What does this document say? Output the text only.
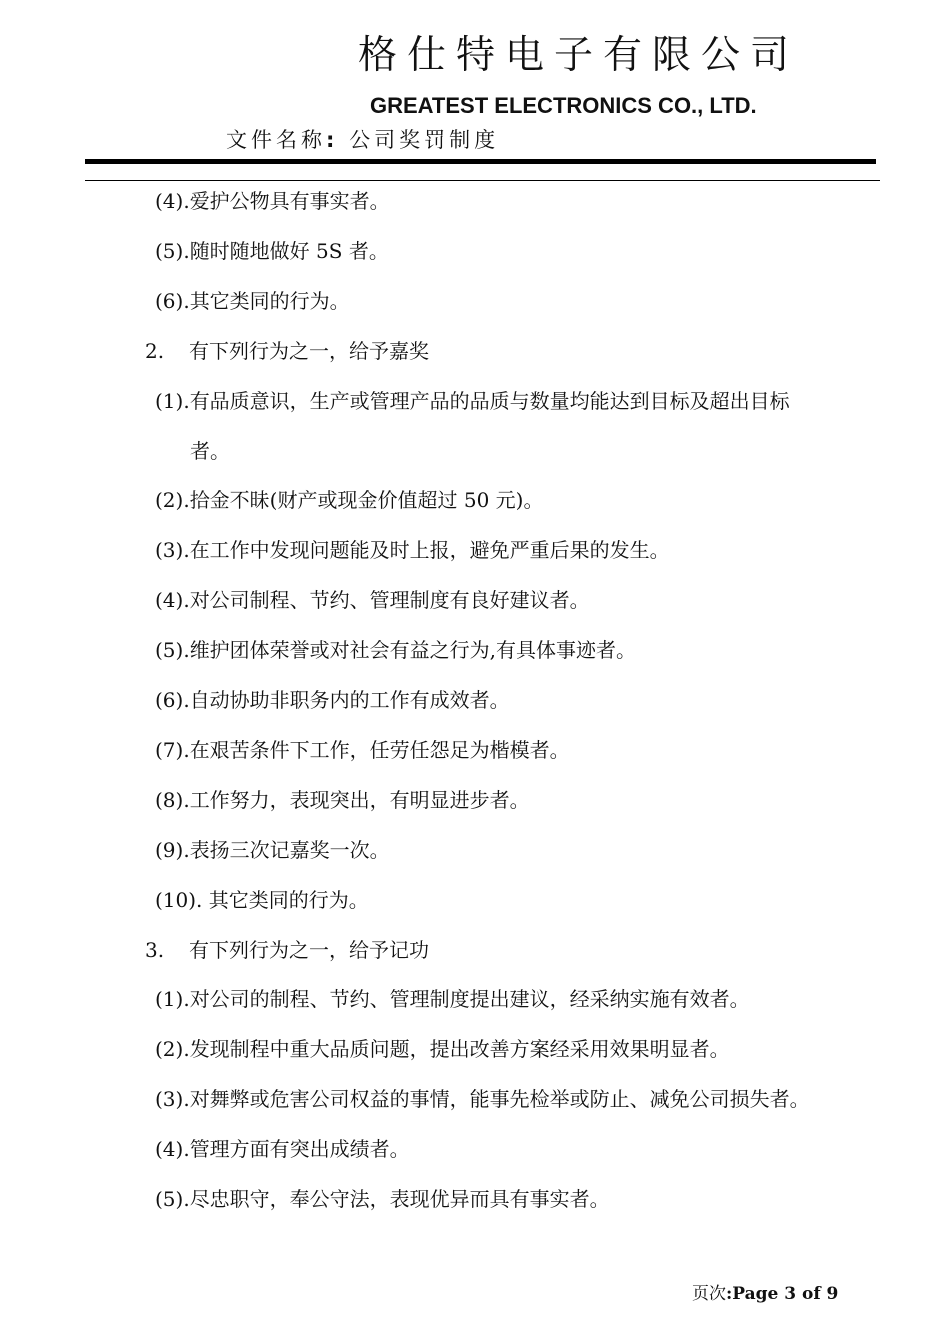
格仕特电子有限公司
GREATEST ELECTRONICS CO., LTD.
文件名称: 公司奖罚制度
(4).爱护公物具有事实者。
(5).随时随地做好 5S 者。
(6).其它类同的行为。
2. 有下列行为之一，给予嘉奖
(1).有品质意识，生产或管理产品的品质与数量均能达到目标及超出目标
者。
(2).拾金不昧(财产或现金价值超过 50 元)。
(3).在工作中发现问题能及时上报，避免严重后果的发生。
(4).对公司制程、节约、管理制度有良好建议者。
(5).维护团体荣誉或对社会有益之行为,有具体事迹者。
(6).自动协助非职务内的工作有成效者。
(7).在艰苦条件下工作，任劳任怨足为楷模者。
(8).工作努力，表现突出，有明显进步者。
(9).表扬三次记嘉奖一次。
(10). 其它类同的行为。
3. 有下列行为之一，给予记功
(1).对公司的制程、节约、管理制度提出建议，经采纳实施有效者。
(2).发现制程中重大品质问题，提出改善方案经采用效果明显者。
(3).对舞弊或危害公司权益的事情，能事先检举或防止、减免公司损失者。
(4).管理方面有突出成绩者。
(5).尽忠职守，奉公守法，表现优异而具有事实者。
页次:Page 3 of 9
